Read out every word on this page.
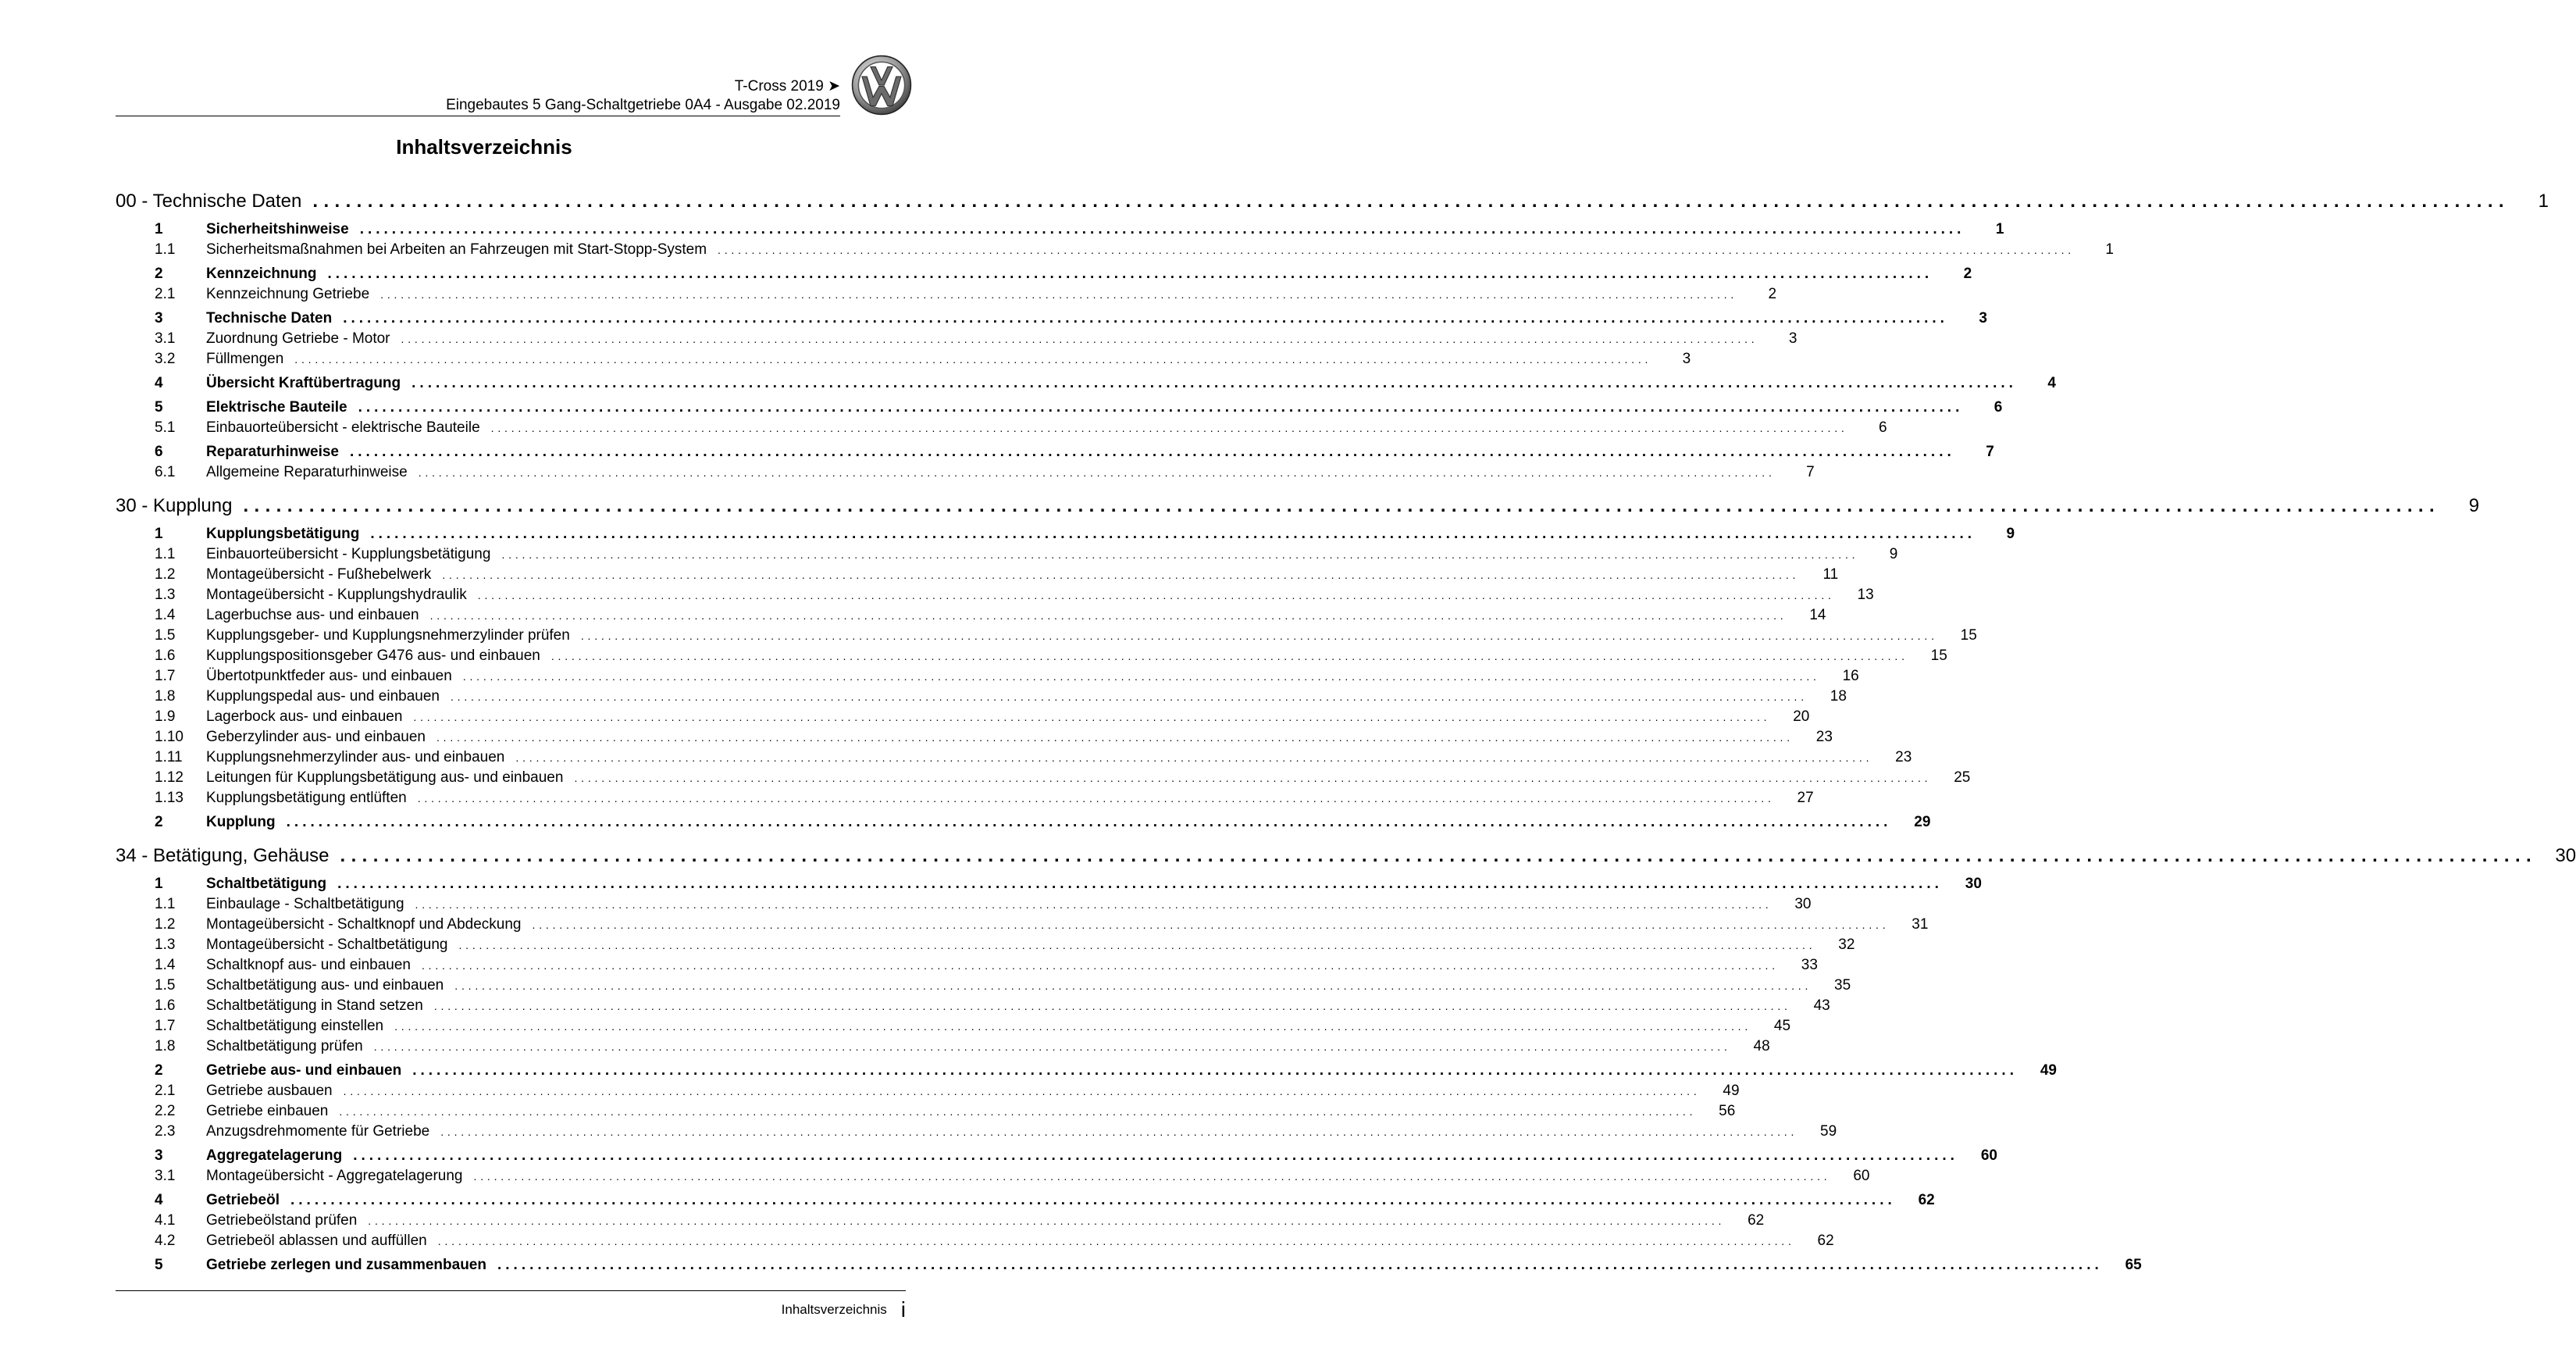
T-Cross 2019 ➤
Eingebautes 5 Gang-Schaltgetriebe 0A4 - Ausgabe 02.2019
Inhaltsverzeichnis
00 - Technische Daten ........................................................................................................................................................................................................	1
1	Sicherheitshinweise ........................................................................................................................................................................................................	1
1.1	Sicherheitsmaßnahmen bei Arbeiten an Fahrzeugen mit Start-Stopp-System ........................................................................................................................................................................................................	1
2	Kennzeichnung ........................................................................................................................................................................................................	2
2.1	Kennzeichnung Getriebe ........................................................................................................................................................................................................	2
3	Technische Daten ........................................................................................................................................................................................................	3
3.1	Zuordnung Getriebe - Motor ........................................................................................................................................................................................................	3
3.2	Füllmengen ........................................................................................................................................................................................................	3
4	Übersicht Kraftübertragung ........................................................................................................................................................................................................	4
5	Elektrische Bauteile ........................................................................................................................................................................................................	6
5.1	Einbauorteübersicht - elektrische Bauteile ........................................................................................................................................................................................................	6
6	Reparaturhinweise ........................................................................................................................................................................................................	7
6.1	Allgemeine Reparaturhinweise ........................................................................................................................................................................................................	7
30 - Kupplung ........................................................................................................................................................................................................	9
1	Kupplungsbetätigung ........................................................................................................................................................................................................	9
1.1	Einbauorteübersicht - Kupplungsbetätigung ........................................................................................................................................................................................................	9
1.2	Montageübersicht - Fußhebelwerk ........................................................................................................................................................................................................	11
1.3	Montageübersicht - Kupplungshydraulik ........................................................................................................................................................................................................	13
1.4	Lagerbuchse aus- und einbauen ........................................................................................................................................................................................................	14
1.5	Kupplungsgeber- und Kupplungsnehmerzylinder prüfen ........................................................................................................................................................................................................	15
1.6	Kupplungspositionsgeber G476 aus- und einbauen ........................................................................................................................................................................................................	15
1.7	Übertotpunktfeder aus- und einbauen ........................................................................................................................................................................................................	16
1.8	Kupplungspedal aus- und einbauen ........................................................................................................................................................................................................	18
1.9	Lagerbock aus- und einbauen ........................................................................................................................................................................................................	20
1.10	Geberzylinder aus- und einbauen ........................................................................................................................................................................................................	23
1.11	Kupplungsnehmerzylinder aus- und einbauen ........................................................................................................................................................................................................	23
1.12	Leitungen für Kupplungsbetätigung aus- und einbauen ........................................................................................................................................................................................................	25
1.13	Kupplungsbetätigung entlüften ........................................................................................................................................................................................................	27
2	Kupplung ........................................................................................................................................................................................................	29
34 - Betätigung, Gehäuse ........................................................................................................................................................................................................ 30
1	Schaltbetätigung ........................................................................................................................................................................................................	30
1.1	Einbaulage - Schaltbetätigung ........................................................................................................................................................................................................	30
1.2	Montageübersicht - Schaltknopf und Abdeckung ........................................................................................................................................................................................................	31
1.3	Montageübersicht - Schaltbetätigung ........................................................................................................................................................................................................	32
1.4	Schaltknopf aus- und einbauen ........................................................................................................................................................................................................	33
1.5	Schaltbetätigung aus- und einbauen ........................................................................................................................................................................................................	35
1.6	Schaltbetätigung in Stand setzen ........................................................................................................................................................................................................	43
1.7	Schaltbetätigung einstellen ........................................................................................................................................................................................................	45
1.8	Schaltbetätigung prüfen ........................................................................................................................................................................................................	48
2	Getriebe aus- und einbauen ........................................................................................................................................................................................................	49
2.1	Getriebe ausbauen ........................................................................................................................................................................................................	49
2.2	Getriebe einbauen ........................................................................................................................................................................................................	56
2.3	Anzugsdrehmomente für Getriebe ........................................................................................................................................................................................................	59
3	Aggregatelagerung ........................................................................................................................................................................................................	60
3.1	Montageübersicht - Aggregatelagerung ........................................................................................................................................................................................................	60
4	Getriebeöl ........................................................................................................................................................................................................	62
4.1	Getriebeölstand prüfen ........................................................................................................................................................................................................	62
4.2	Getriebeöl ablassen und auffüllen ........................................................................................................................................................................................................	62
5	Getriebe zerlegen und zusammenbauen ........................................................................................................................................................................................................	65
Inhaltsverzeichnis i
